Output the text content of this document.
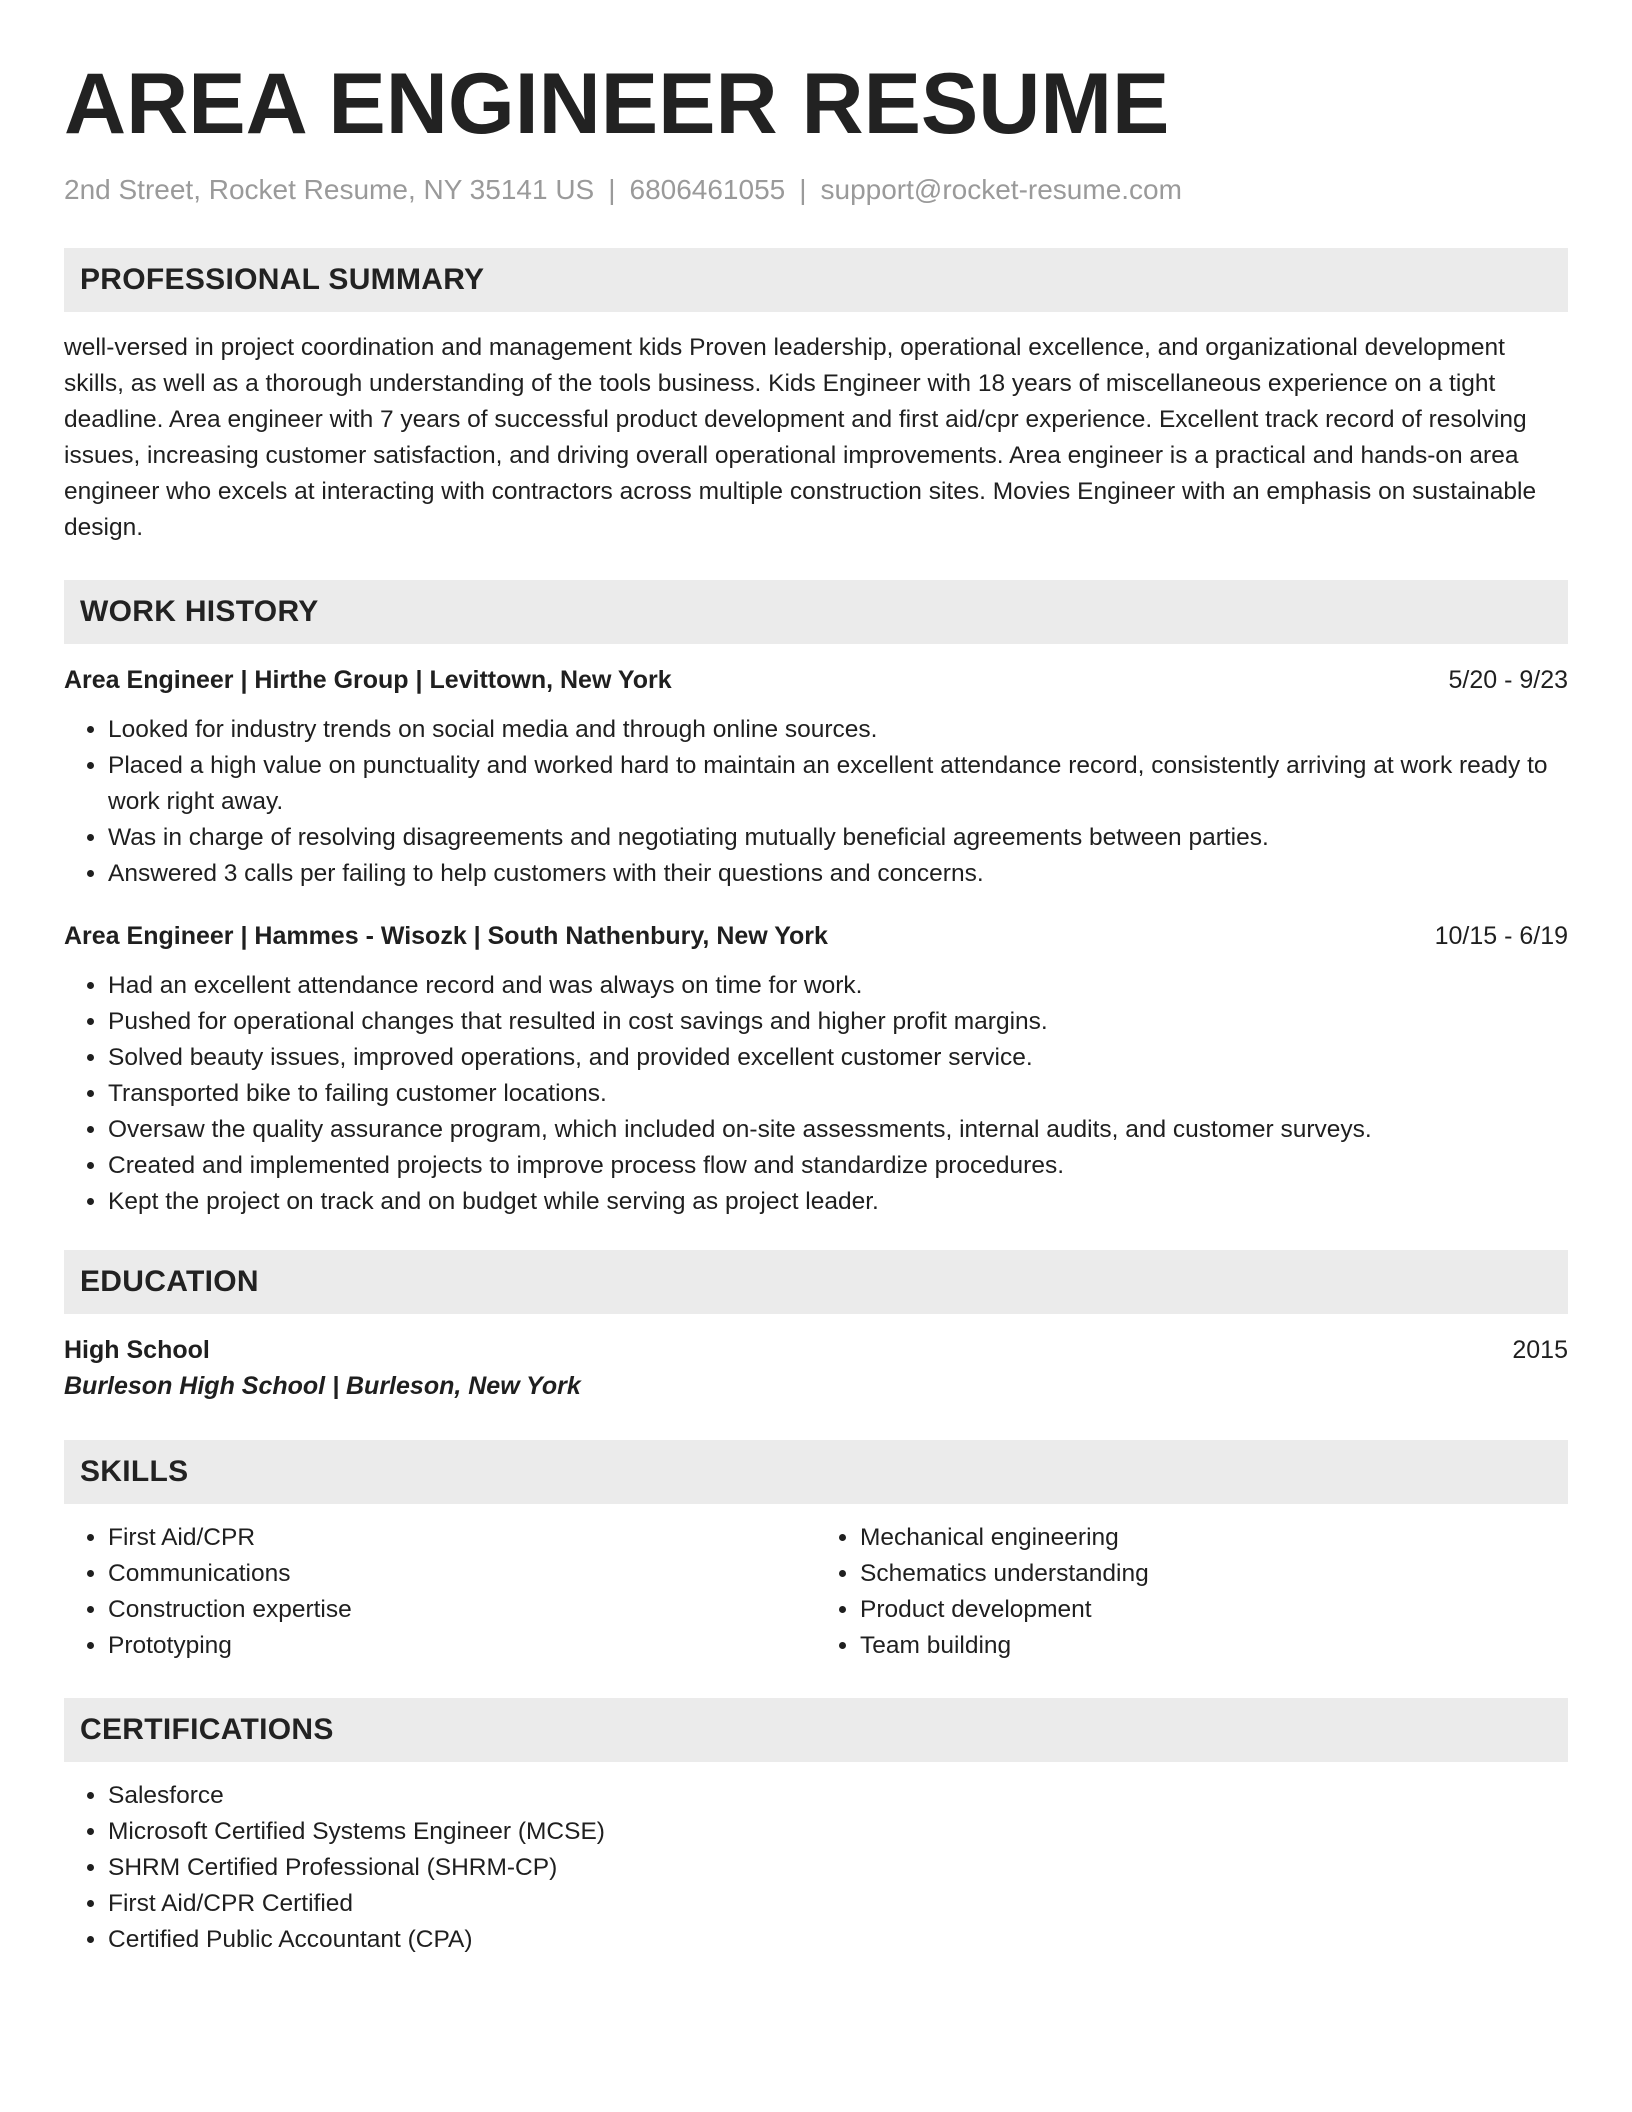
AREA ENGINEER RESUME
2nd Street, Rocket Resume, NY 35141 US | 6806461055 | support@rocket-resume.com
PROFESSIONAL SUMMARY
well-versed in project coordination and management kids Proven leadership, operational excellence, and organizational development skills, as well as a thorough understanding of the tools business. Kids Engineer with 18 years of miscellaneous experience on a tight deadline. Area engineer with 7 years of successful product development and first aid/cpr experience. Excellent track record of resolving issues, increasing customer satisfaction, and driving overall operational improvements. Area engineer is a practical and hands-on area engineer who excels at interacting with contractors across multiple construction sites. Movies Engineer with an emphasis on sustainable design.
WORK HISTORY
Area Engineer | Hirthe Group | Levittown, New York	5/20 - 9/23
• Looked for industry trends on social media and through online sources.
• Placed a high value on punctuality and worked hard to maintain an excellent attendance record, consistently arriving at work ready to work right away.
• Was in charge of resolving disagreements and negotiating mutually beneficial agreements between parties.
• Answered 3 calls per failing to help customers with their questions and concerns.
Area Engineer | Hammes - Wisozk | South Nathenbury, New York	10/15 - 6/19
• Had an excellent attendance record and was always on time for work.
• Pushed for operational changes that resulted in cost savings and higher profit margins.
• Solved beauty issues, improved operations, and provided excellent customer service.
• Transported bike to failing customer locations.
• Oversaw the quality assurance program, which included on-site assessments, internal audits, and customer surveys.
• Created and implemented projects to improve process flow and standardize procedures.
• Kept the project on track and on budget while serving as project leader.
EDUCATION
High School	2015
Burleson High School | Burleson, New York
SKILLS
• First Aid/CPR
• Communications
• Construction expertise
• Prototyping
• Mechanical engineering
• Schematics understanding
• Product development
• Team building
CERTIFICATIONS
• Salesforce
• Microsoft Certified Systems Engineer (MCSE)
• SHRM Certified Professional (SHRM-CP)
• First Aid/CPR Certified
• Certified Public Accountant (CPA)
